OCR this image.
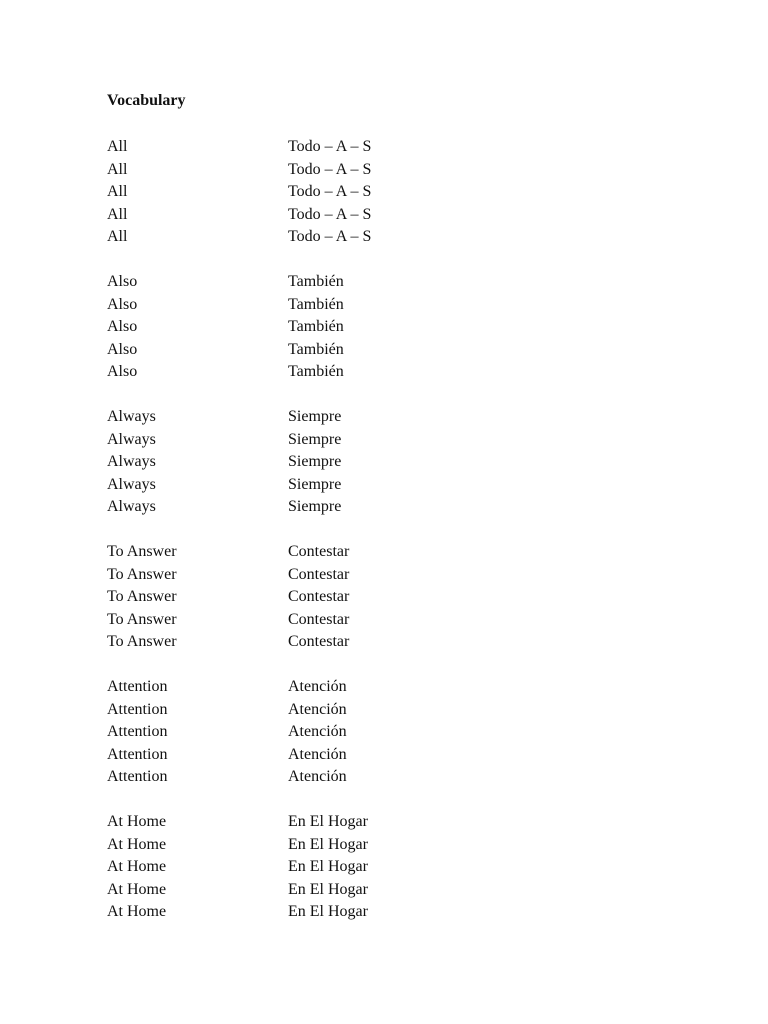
Vocabulary
All	Todo – A – S
All	Todo – A – S
All	Todo – A – S
All	Todo – A – S
All	Todo – A – S
Also	También
Also	También
Also	También
Also	También
Also	También
Always	Siempre
Always	Siempre
Always	Siempre
Always	Siempre
Always	Siempre
To Answer	Contestar
To Answer	Contestar
To Answer	Contestar
To Answer	Contestar
To Answer	Contestar
Attention	Atención
Attention	Atención
Attention	Atención
Attention	Atención
Attention	Atención
At Home	En El Hogar
At Home	En El Hogar
At Home	En El Hogar
At Home	En El Hogar
At Home	En El Hogar
